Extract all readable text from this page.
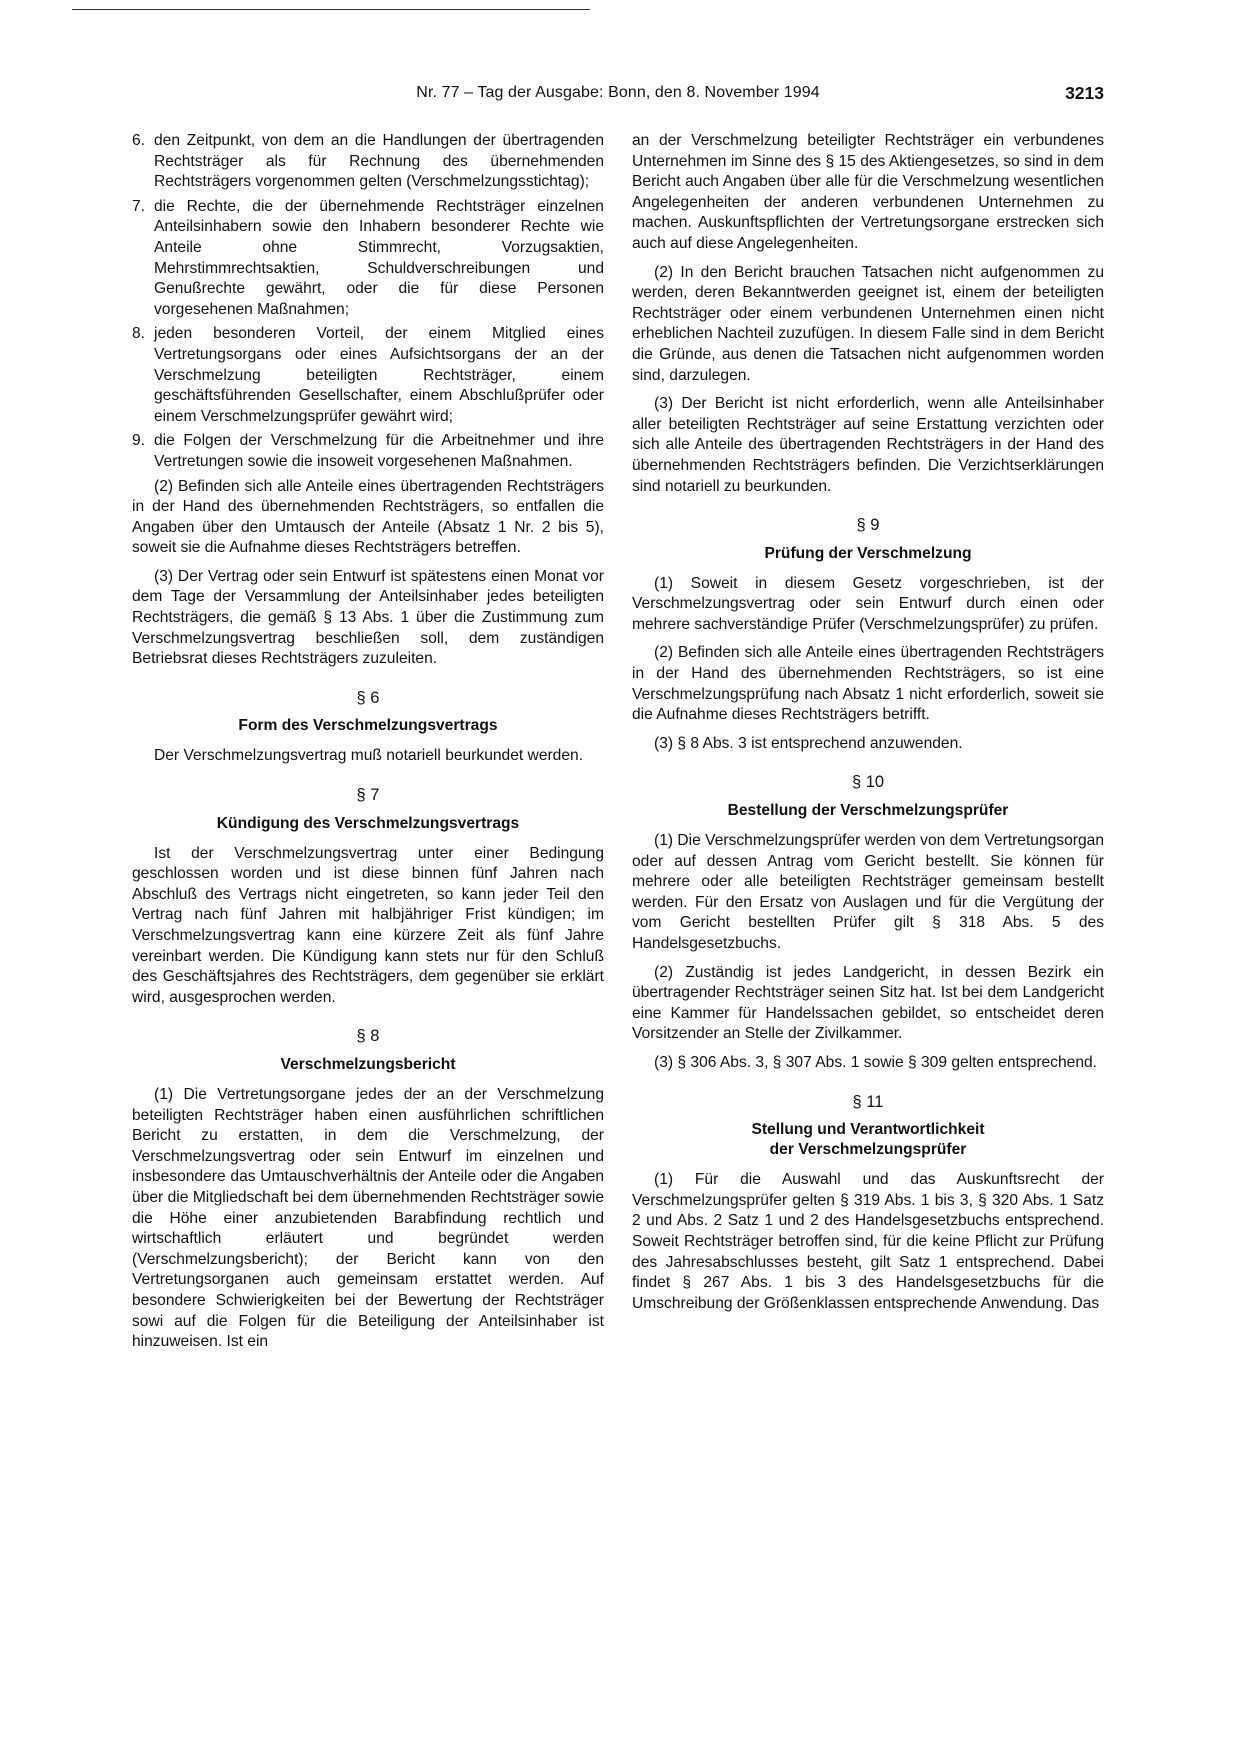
Nr. 77 – Tag der Ausgabe: Bonn, den 8. November 1994	3213
6. den Zeitpunkt, von dem an die Handlungen der übertragenden Rechtsträger als für Rechnung des übernehmenden Rechtsträgers vorgenommen gelten (Verschmelzungsstichtag);
7. die Rechte, die der übernehmende Rechtsträger einzelnen Anteilsinhabern sowie den Inhabern besonderer Rechte wie Anteile ohne Stimmrecht, Vorzugsaktien, Mehrstimmrechtsaktien, Schuldverschreibungen und Genußrechte gewährt, oder die für diese Personen vorgesehenen Maßnahmen;
8. jeden besonderen Vorteil, der einem Mitglied eines Vertretungsorgans oder eines Aufsichtsorgans der an der Verschmelzung beteiligten Rechtsträger, einem geschäftsführenden Gesellschafter, einem Abschlußprüfer oder einem Verschmelzungsprüfer gewährt wird;
9. die Folgen der Verschmelzung für die Arbeitnehmer und ihre Vertretungen sowie die insoweit vorgesehenen Maßnahmen.

(2) Befinden sich alle Anteile eines übertragenden Rechtsträgers in der Hand des übernehmenden Rechtsträgers, so entfallen die Angaben über den Umtausch der Anteile (Absatz 1 Nr. 2 bis 5), soweit sie die Aufnahme dieses Rechtsträgers betreffen.

(3) Der Vertrag oder sein Entwurf ist spätestens einen Monat vor dem Tage der Versammlung der Anteilsinhaber jedes beteiligten Rechtsträgers, die gemäß § 13 Abs. 1 über die Zustimmung zum Verschmelzungsvertrag beschließen soll, dem zuständigen Betriebsrat dieses Rechtsträgers zuzuleiten.

§ 6
Form des Verschmelzungsvertrags

Der Verschmelzungsvertrag muß notariell beurkundet werden.

§ 7
Kündigung des Verschmelzungsvertrags

Ist der Verschmelzungsvertrag unter einer Bedingung geschlossen worden und ist diese binnen fünf Jahren nach Abschluß des Vertrags nicht eingetreten, so kann jeder Teil den Vertrag nach fünf Jahren mit halbjähriger Frist kündigen; im Verschmelzungsvertrag kann eine kürzere Zeit als fünf Jahre vereinbart werden. Die Kündigung kann stets nur für den Schluß des Geschäftsjahres des Rechtsträgers, dem gegenüber sie erklärt wird, ausgesprochen werden.

§ 8
Verschmelzungsbericht

(1) Die Vertretungsorgane jedes der an der Verschmelzung beteiligten Rechtsträger haben einen ausführlichen schriftlichen Bericht zu erstatten, in dem die Verschmelzung, der Verschmelzungsvertrag oder sein Entwurf im einzelnen und insbesondere das Umtauschverhältnis der Anteile oder die Angaben über die Mitgliedschaft bei dem übernehmenden Rechtsträger sowie die Höhe einer anzubietenden Barabfindung rechtlich und wirtschaftlich erläutert und begründet werden (Verschmelzungsbericht); der Bericht kann von den Vertretungsorganen auch gemeinsam erstattet werden. Auf besondere Schwierigkeiten bei der Bewertung der Rechtsträger sowi auf die Folgen für die Beteiligung der Anteilsinhaber ist hinzuweisen. Ist ein

an der Verschmelzung beteiligter Rechtsträger ein verbundenes Unternehmen im Sinne des § 15 des Aktiengesetzes, so sind in dem Bericht auch Angaben über alle für die Verschmelzung wesentlichen Angelegenheiten der anderen verbundenen Unternehmen zu machen. Auskunftspflichten der Vertretungsorgane erstrecken sich auch auf diese Angelegenheiten.

(2) In den Bericht brauchen Tatsachen nicht aufgenommen zu werden, deren Bekanntwerden geeignet ist, einem der beteiligten Rechtsträger oder einem verbundenen Unternehmen einen nicht erheblichen Nachteil zuzufügen. In diesem Falle sind in dem Bericht die Gründe, aus denen die Tatsachen nicht aufgenommen worden sind, darzulegen.

(3) Der Bericht ist nicht erforderlich, wenn alle Anteilsinhaber aller beteiligten Rechtsträger auf seine Erstattung verzichten oder sich alle Anteile des übertragenden Rechtsträgers in der Hand des übernehmenden Rechtsträgers befinden. Die Verzichtserklärungen sind notariell zu beurkunden.

§ 9
Prüfung der Verschmelzung

(1) Soweit in diesem Gesetz vorgeschrieben, ist der Verschmelzungsvertrag oder sein Entwurf durch einen oder mehrere sachverständige Prüfer (Verschmelzungsprüfer) zu prüfen.

(2) Befinden sich alle Anteile eines übertragenden Rechtsträgers in der Hand des übernehmenden Rechtsträgers, so ist eine Verschmelzungsprüfung nach Absatz 1 nicht erforderlich, soweit sie die Aufnahme dieses Rechtsträgers betrifft.

(3) § 8 Abs. 3 ist entsprechend anzuwenden.

§ 10
Bestellung der Verschmelzungsprüfer

(1) Die Verschmelzungsprüfer werden von dem Vertretungsorgan oder auf dessen Antrag vom Gericht bestellt. Sie können für mehrere oder alle beteiligten Rechtsträger gemeinsam bestellt werden. Für den Ersatz von Auslagen und für die Vergütung der vom Gericht bestellten Prüfer gilt § 318 Abs. 5 des Handelsgesetzbuchs.

(2) Zuständig ist jedes Landgericht, in dessen Bezirk ein übertragender Rechtsträger seinen Sitz hat. Ist bei dem Landgericht eine Kammer für Handelssachen gebildet, so entscheidet deren Vorsitzender an Stelle der Zivilkammer.

(3) § 306 Abs. 3, § 307 Abs. 1 sowie § 309 gelten entsprechend.

§ 11
Stellung und Verantwortlichkeit
der Verschmelzungsprüfer

(1) Für die Auswahl und das Auskunftsrecht der Verschmelzungsprüfer gelten § 319 Abs. 1 bis 3, § 320 Abs. 1 Satz 2 und Abs. 2 Satz 1 und 2 des Handelsgesetzbuchs entsprechend. Soweit Rechtsträger betroffen sind, für die keine Pflicht zur Prüfung des Jahresabschlusses besteht, gilt Satz 1 entsprechend. Dabei findet § 267 Abs. 1 bis 3 des Handelsgesetzbuchs für die Umschreibung der Größenklassen entsprechende Anwendung. Das
